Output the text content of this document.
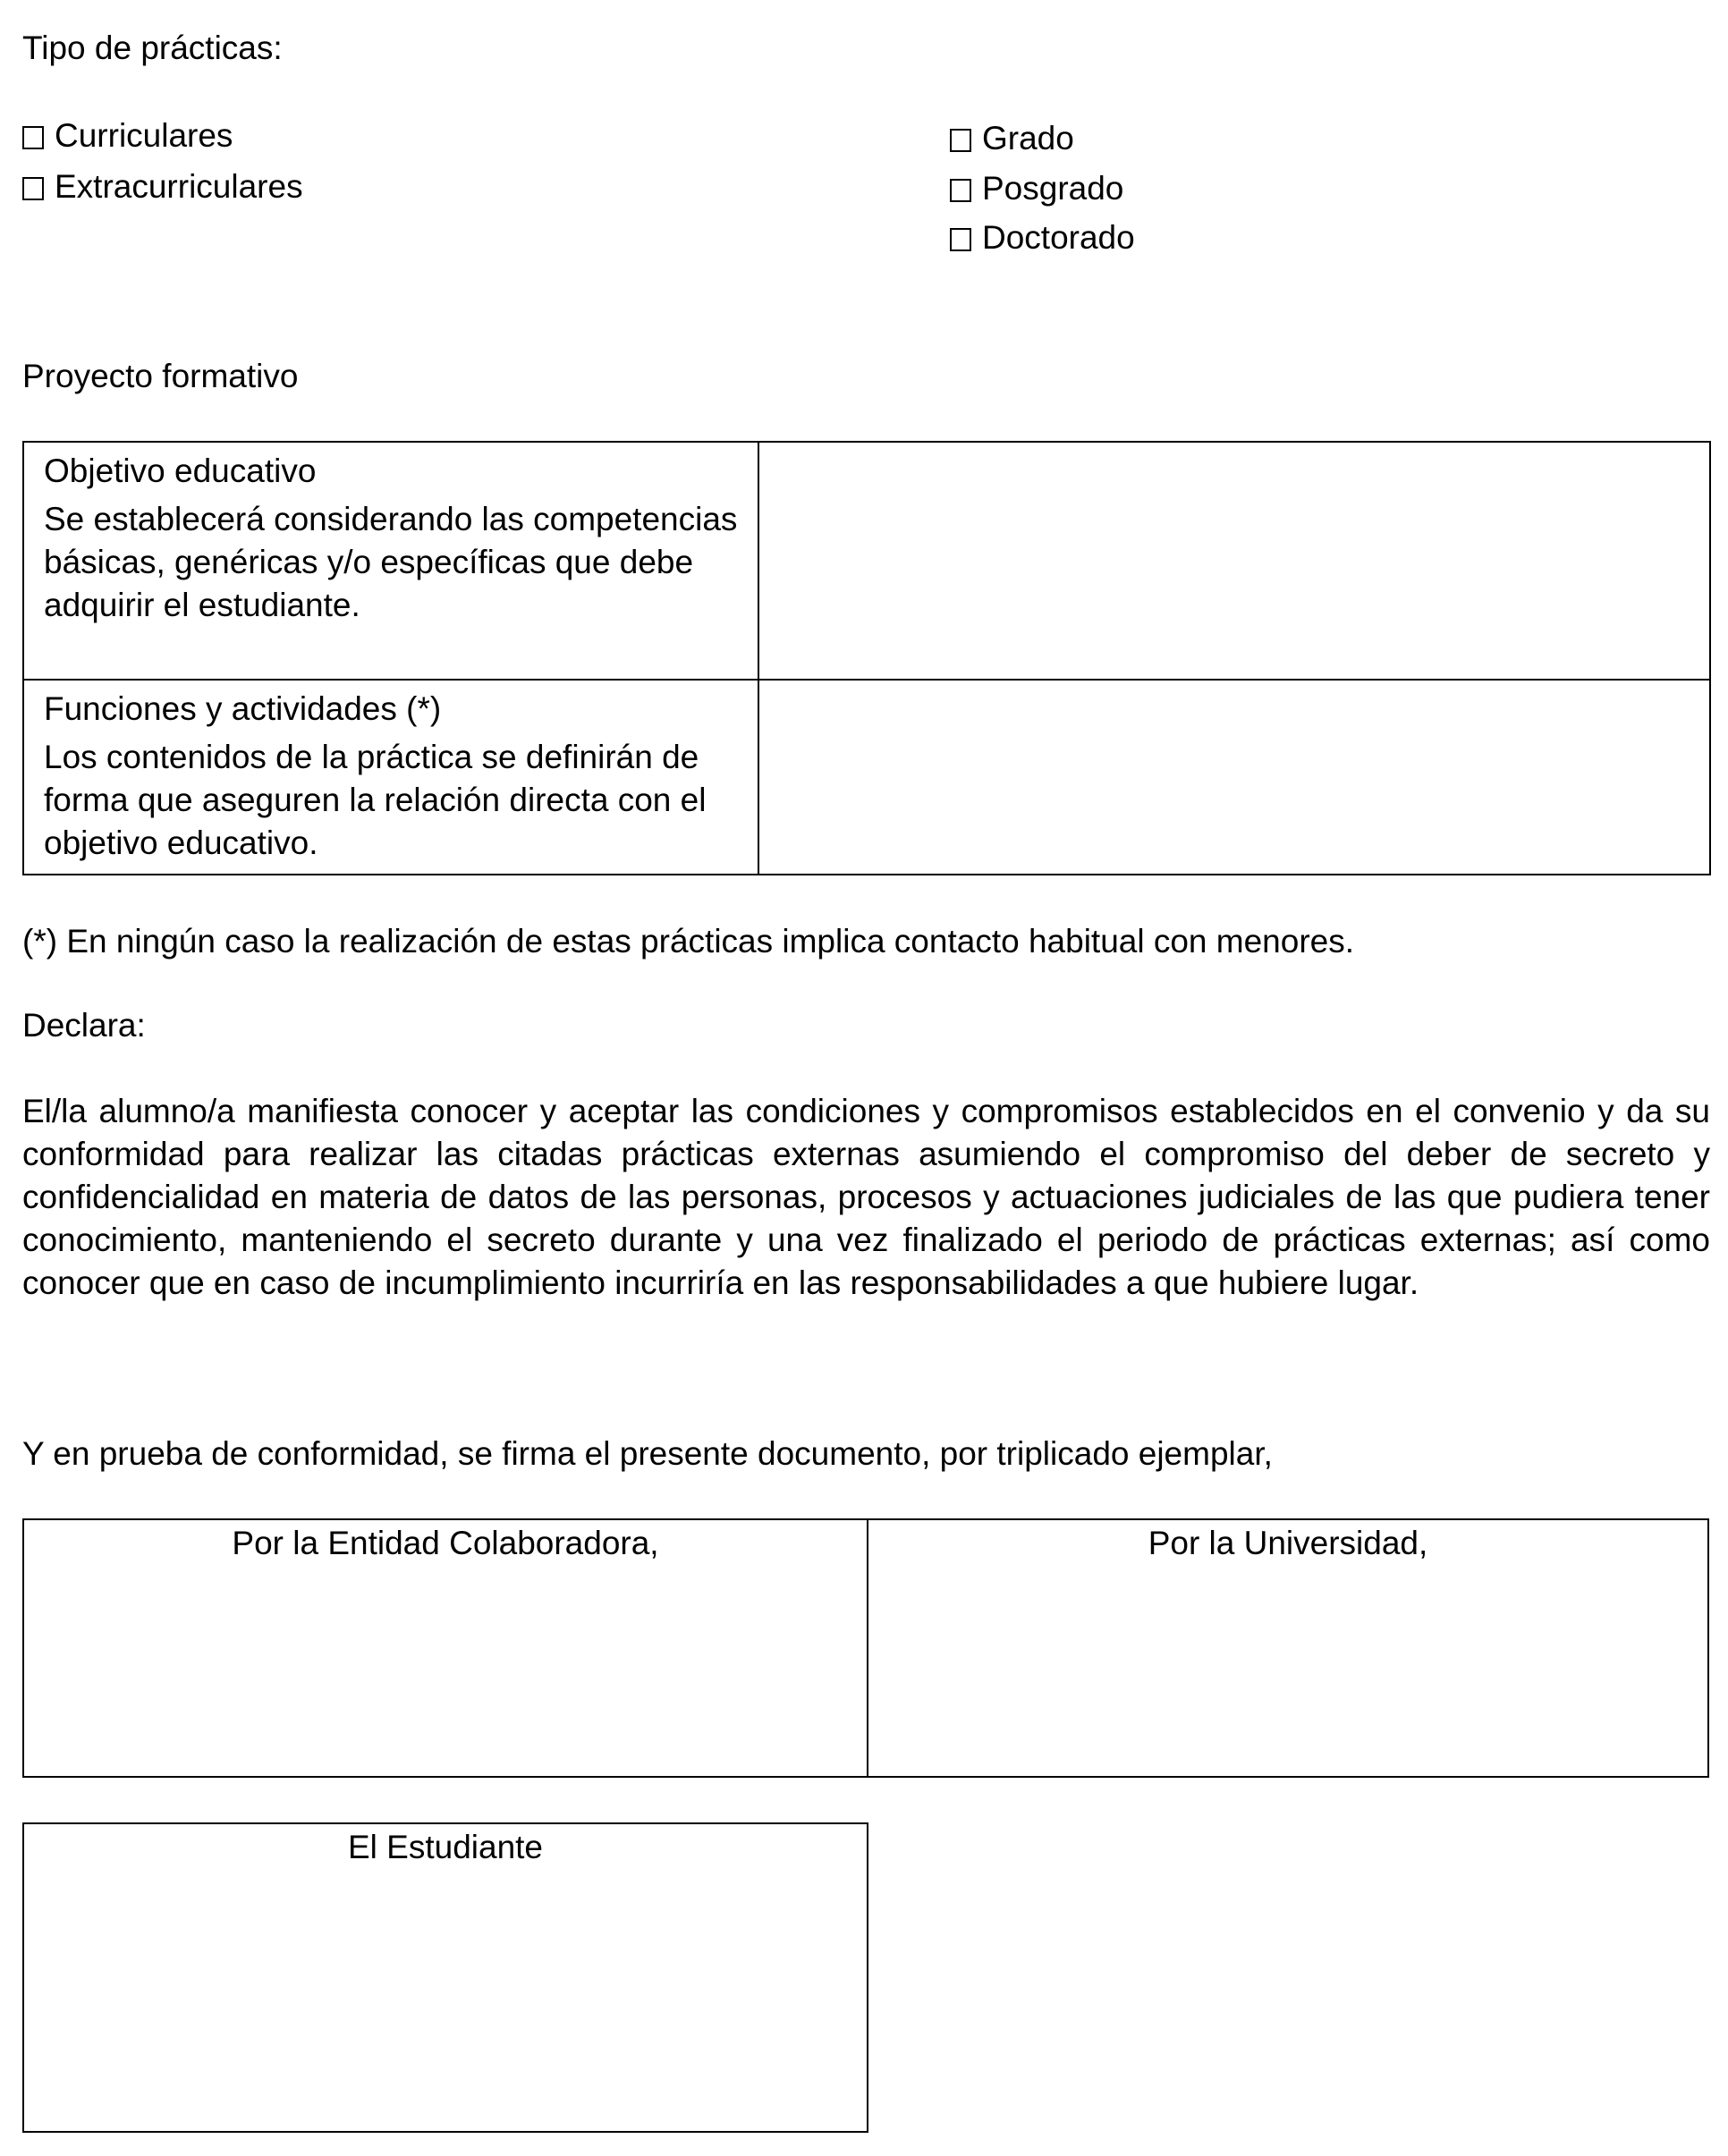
Tipo de prácticas:
Curriculares
Extracurriculares
Grado
Posgrado
Doctorado
Proyecto formativo
Objetivo educativo
Se establecerá considerando las competencias básicas, genéricas y/o específicas que debe adquirir el estudiante.	

Funciones y actividades (*)
Los contenidos de la práctica se definirán de forma que aseguren la relación directa con el objetivo educativo.	

(*) En ningún caso la realización de estas prácticas implica contacto habitual con menores.
Declara:
El/la alumno/a manifiesta conocer y aceptar las condiciones y compromisos establecidos en el convenio y da su conformidad para realizar las citadas prácticas externas asumiendo el compromiso del deber de secreto y confidencialidad en materia de datos de las personas, procesos y actuaciones judiciales de las que pudiera tener conocimiento, manteniendo el secreto durante y una vez finalizado el periodo de prácticas externas; así como conocer que en caso de incumplimiento incurriría en las responsabilidades a que hubiere lugar.
Y en prueba de conformidad, se firma el presente documento, por triplicado ejemplar,
Por la Entidad Colaboradora,	Por la Universidad,
El Estudiante
